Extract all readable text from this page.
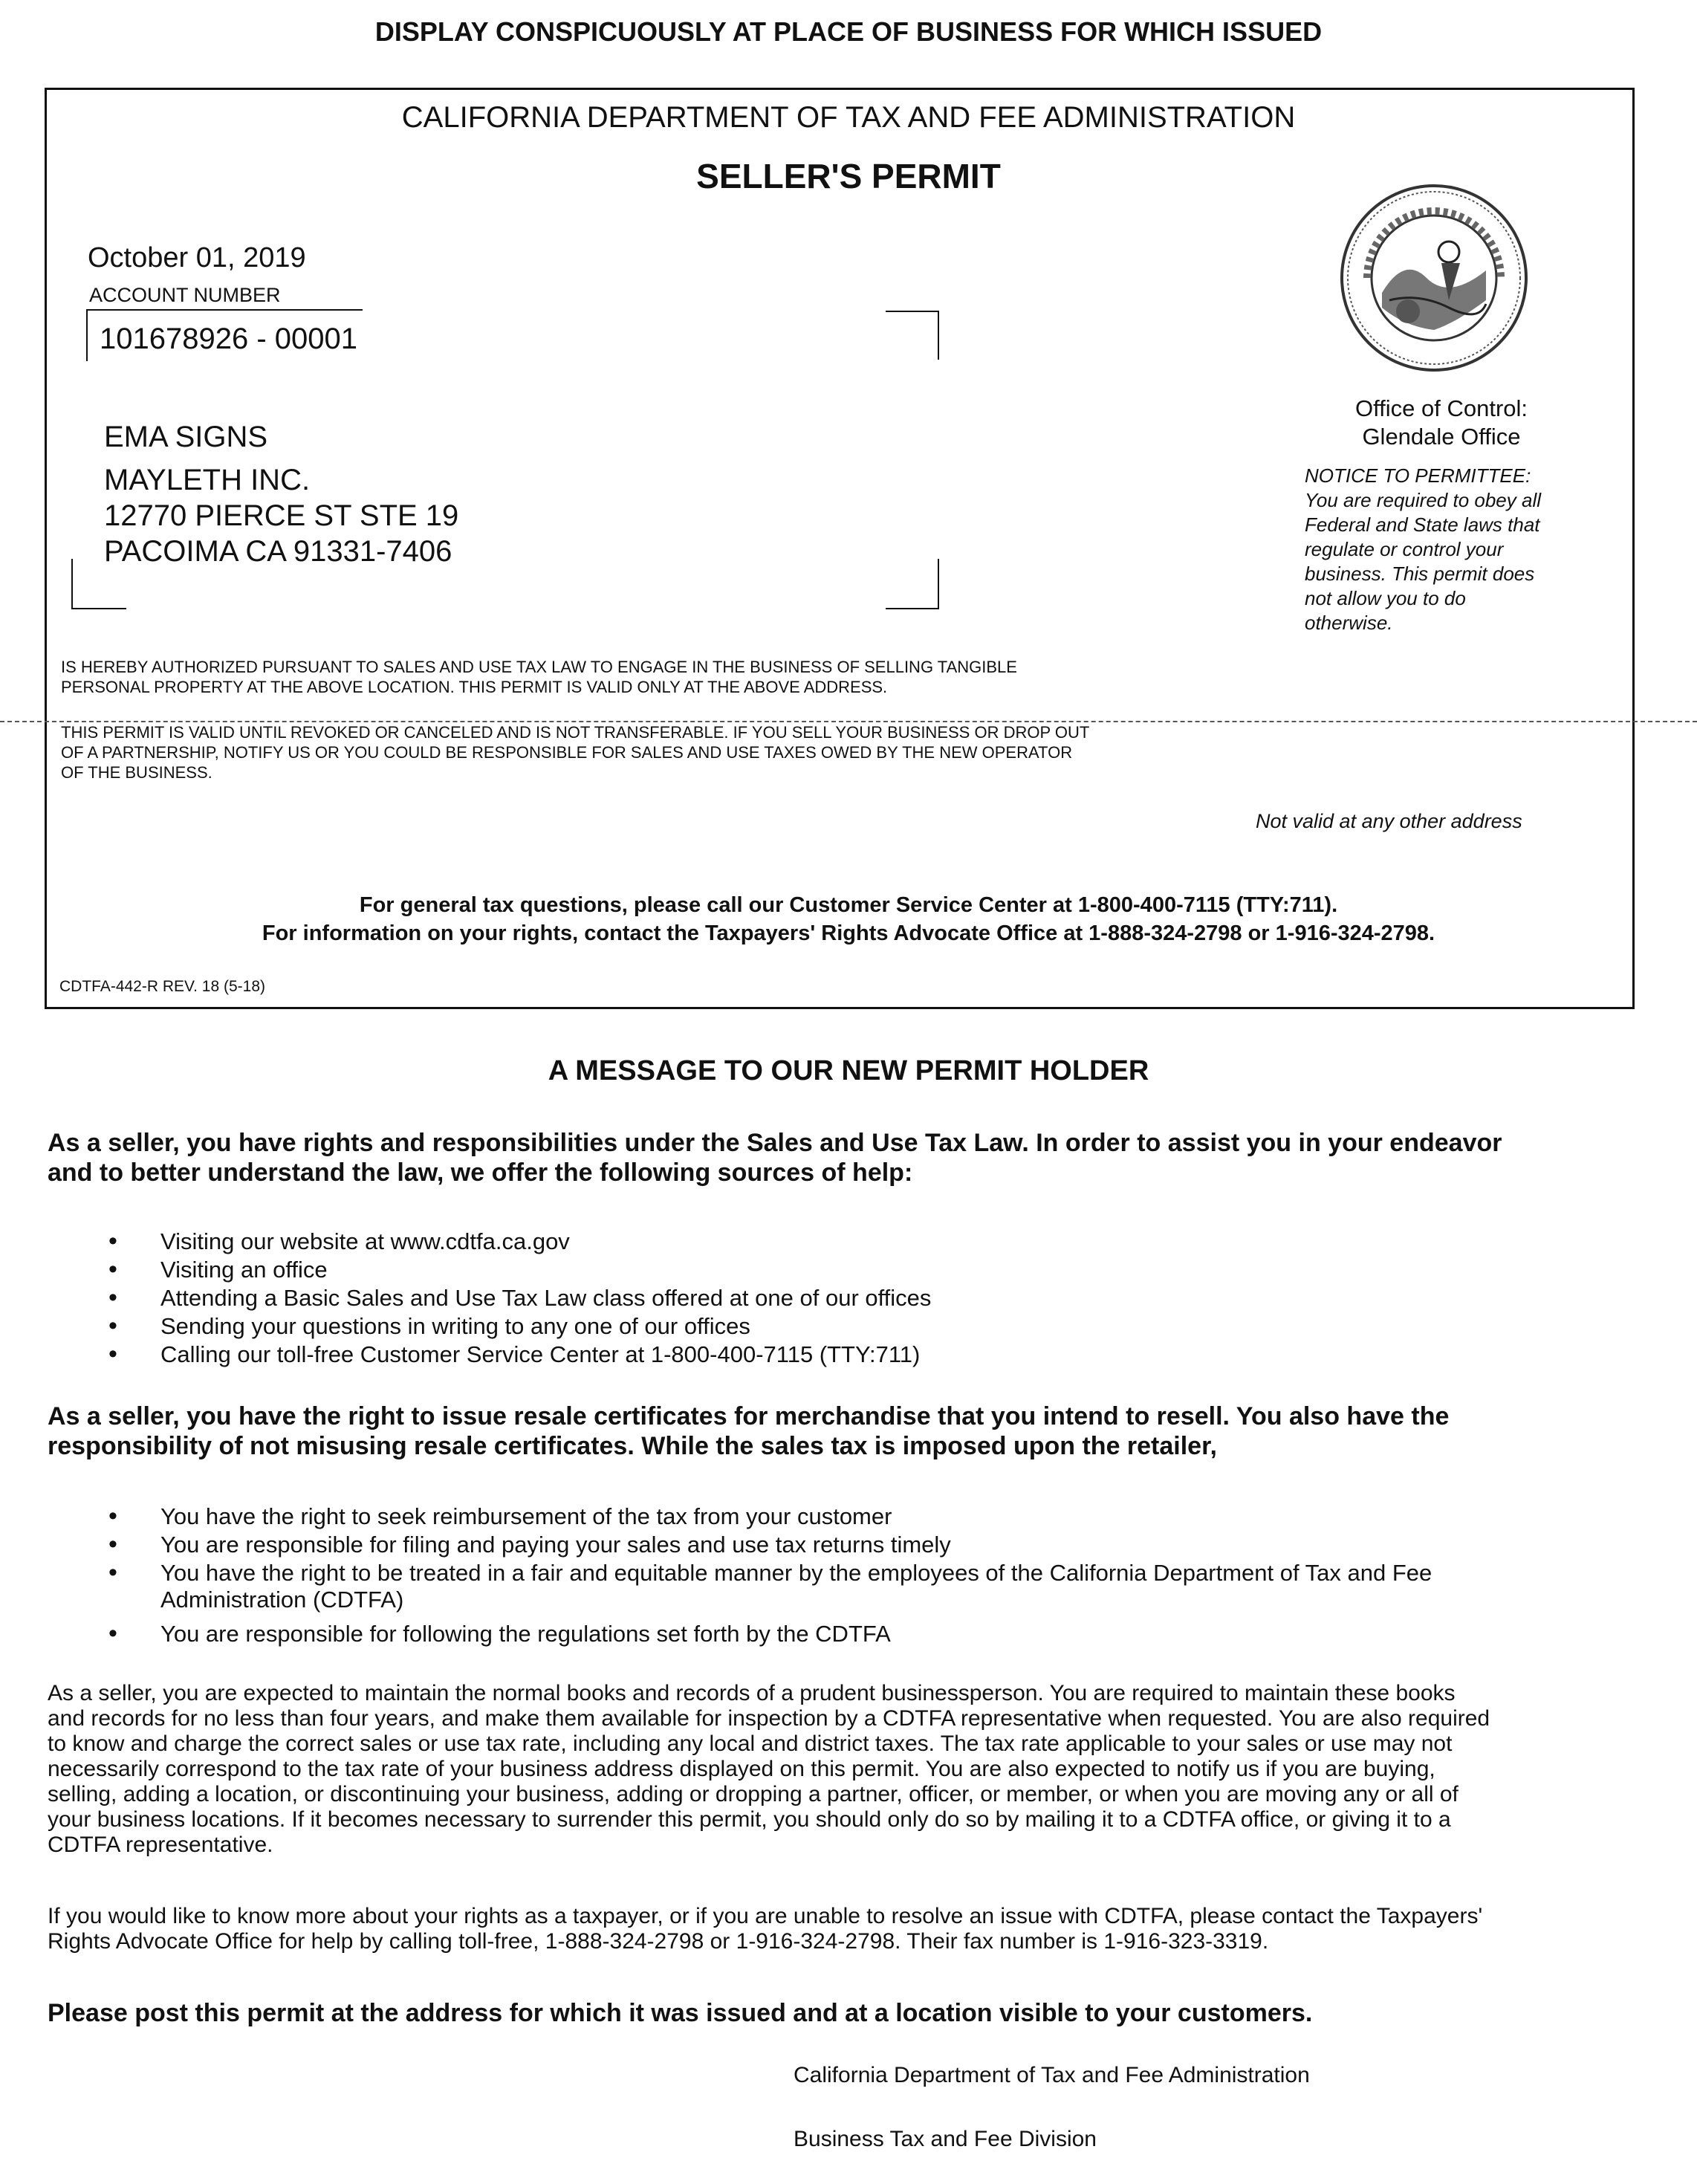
DISPLAY CONSPICUOUSLY AT PLACE OF BUSINESS FOR WHICH ISSUED
CALIFORNIA DEPARTMENT OF TAX AND FEE ADMINISTRATION
SELLER'S PERMIT
October 01, 2019
ACCOUNT NUMBER
101678926 - 00001
EMA SIGNS
MAYLETH INC.
12770 PIERCE ST STE 19
PACOIMA CA 91331-7406
Office of Control:
Glendale Office
NOTICE TO PERMITTEE:
You are required to obey all
Federal and State laws that
regulate or control your
business. This permit does
not allow you to do
otherwise.
IS HEREBY AUTHORIZED PURSUANT TO SALES AND USE TAX LAW TO ENGAGE IN THE BUSINESS OF SELLING TANGIBLE
PERSONAL PROPERTY AT THE ABOVE LOCATION. THIS PERMIT IS VALID ONLY AT THE ABOVE ADDRESS.
THIS PERMIT IS VALID UNTIL REVOKED OR CANCELED AND IS NOT TRANSFERABLE. IF YOU SELL YOUR BUSINESS OR DROP OUT
OF A PARTNERSHIP, NOTIFY US OR YOU COULD BE RESPONSIBLE FOR SALES AND USE TAXES OWED BY THE NEW OPERATOR
OF THE BUSINESS.
Not valid at any other address
For general tax questions, please call our Customer Service Center at 1-800-400-7115 (TTY:711).
For information on your rights, contact the Taxpayers' Rights Advocate Office at 1-888-324-2798 or 1-916-324-2798.
CDTFA-442-R REV. 18 (5-18)
A MESSAGE TO OUR NEW PERMIT HOLDER
As a seller, you have rights and responsibilities under the Sales and Use Tax Law. In order to assist you in your endeavor
and to better understand the law, we offer the following sources of help:
• Visiting our website at www.cdtfa.ca.gov
• Visiting an office
• Attending a Basic Sales and Use Tax Law class offered at one of our offices
• Sending your questions in writing to any one of our offices
• Calling our toll-free Customer Service Center at 1-800-400-7115 (TTY:711)
As a seller, you have the right to issue resale certificates for merchandise that you intend to resell. You also have the
responsibility of not misusing resale certificates. While the sales tax is imposed upon the retailer,
• You have the right to seek reimbursement of the tax from your customer
• You are responsible for filing and paying your sales and use tax returns timely
• You have the right to be treated in a fair and equitable manner by the employees of the California Department of Tax and Fee
Administration (CDTFA)
• You are responsible for following the regulations set forth by the CDTFA
As a seller, you are expected to maintain the normal books and records of a prudent businessperson. You are required to maintain these books
and records for no less than four years, and make them available for inspection by a CDTFA representative when requested. You are also required
to know and charge the correct sales or use tax rate, including any local and district taxes. The tax rate applicable to your sales or use may not
necessarily correspond to the tax rate of your business address displayed on this permit. You are also expected to notify us if you are buying,
selling, adding a location, or discontinuing your business, adding or dropping a partner, officer, or member, or when you are moving any or all of
your business locations. If it becomes necessary to surrender this permit, you should only do so by mailing it to a CDTFA office, or giving it to a
CDTFA representative.
If you would like to know more about your rights as a taxpayer, or if you are unable to resolve an issue with CDTFA, please contact the Taxpayers'
Rights Advocate Office for help by calling toll-free, 1-888-324-2798 or 1-916-324-2798. Their fax number is 1-916-323-3319.
Please post this permit at the address for which it was issued and at a location visible to your customers.
California Department of Tax and Fee Administration
Business Tax and Fee Division
